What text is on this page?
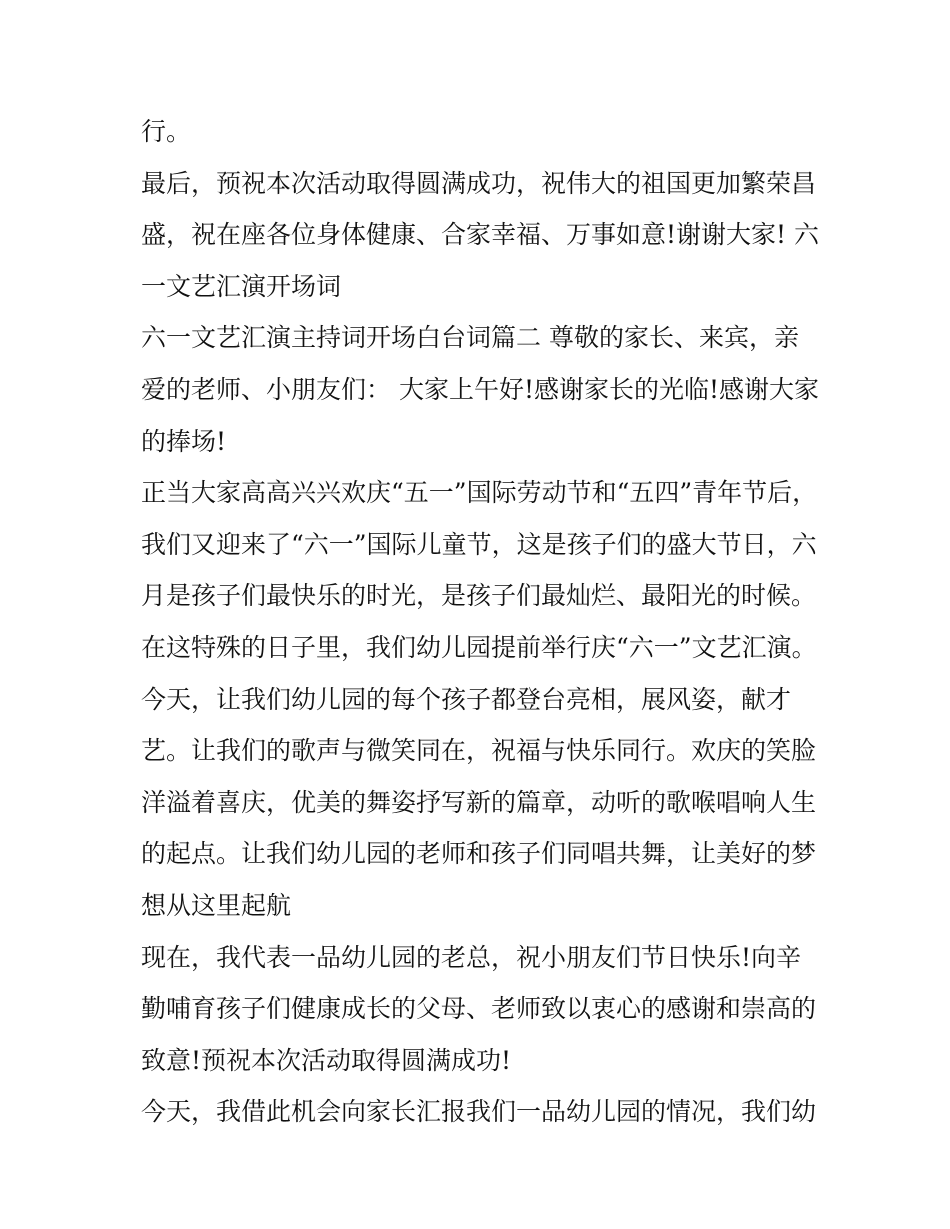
行。

最后，预祝本次活动取得圆满成功，祝伟大的祖国更加繁荣昌
盛，祝在座各位身体健康、合家幸福、万事如意!谢谢大家! 六
一文艺汇演开场词

六一文艺汇演主持词开场白台词篇二 尊敬的家长、来宾，亲
爱的老师、小朋友们： 大家上午好!感谢家长的光临!感谢大家
的捧场!

正当大家高高兴兴欢庆“五一”国际劳动节和“五四”青年节后，
我们又迎来了“六一”国际儿童节，这是孩子们的盛大节日，六
月是孩子们最快乐的时光，是孩子们最灿烂、最阳光的时候。
在这特殊的日子里，我们幼儿园提前举行庆“六一”文艺汇演。
今天，让我们幼儿园的每个孩子都登台亮相，展风姿，献才
艺。让我们的歌声与微笑同在，祝福与快乐同行。欢庆的笑脸
洋溢着喜庆，优美的舞姿抒写新的篇章，动听的歌喉唱响人生
的起点。让我们幼儿园的老师和孩子们同唱共舞，让美好的梦
想从这里起航

现在，我代表一品幼儿园的老总，祝小朋友们节日快乐!向辛
勤哺育孩子们健康成长的父母、老师致以衷心的感谢和崇高的
致意!预祝本次活动取得圆满成功!

今天，我借此机会向家长汇报我们一品幼儿园的情况，我们幼
